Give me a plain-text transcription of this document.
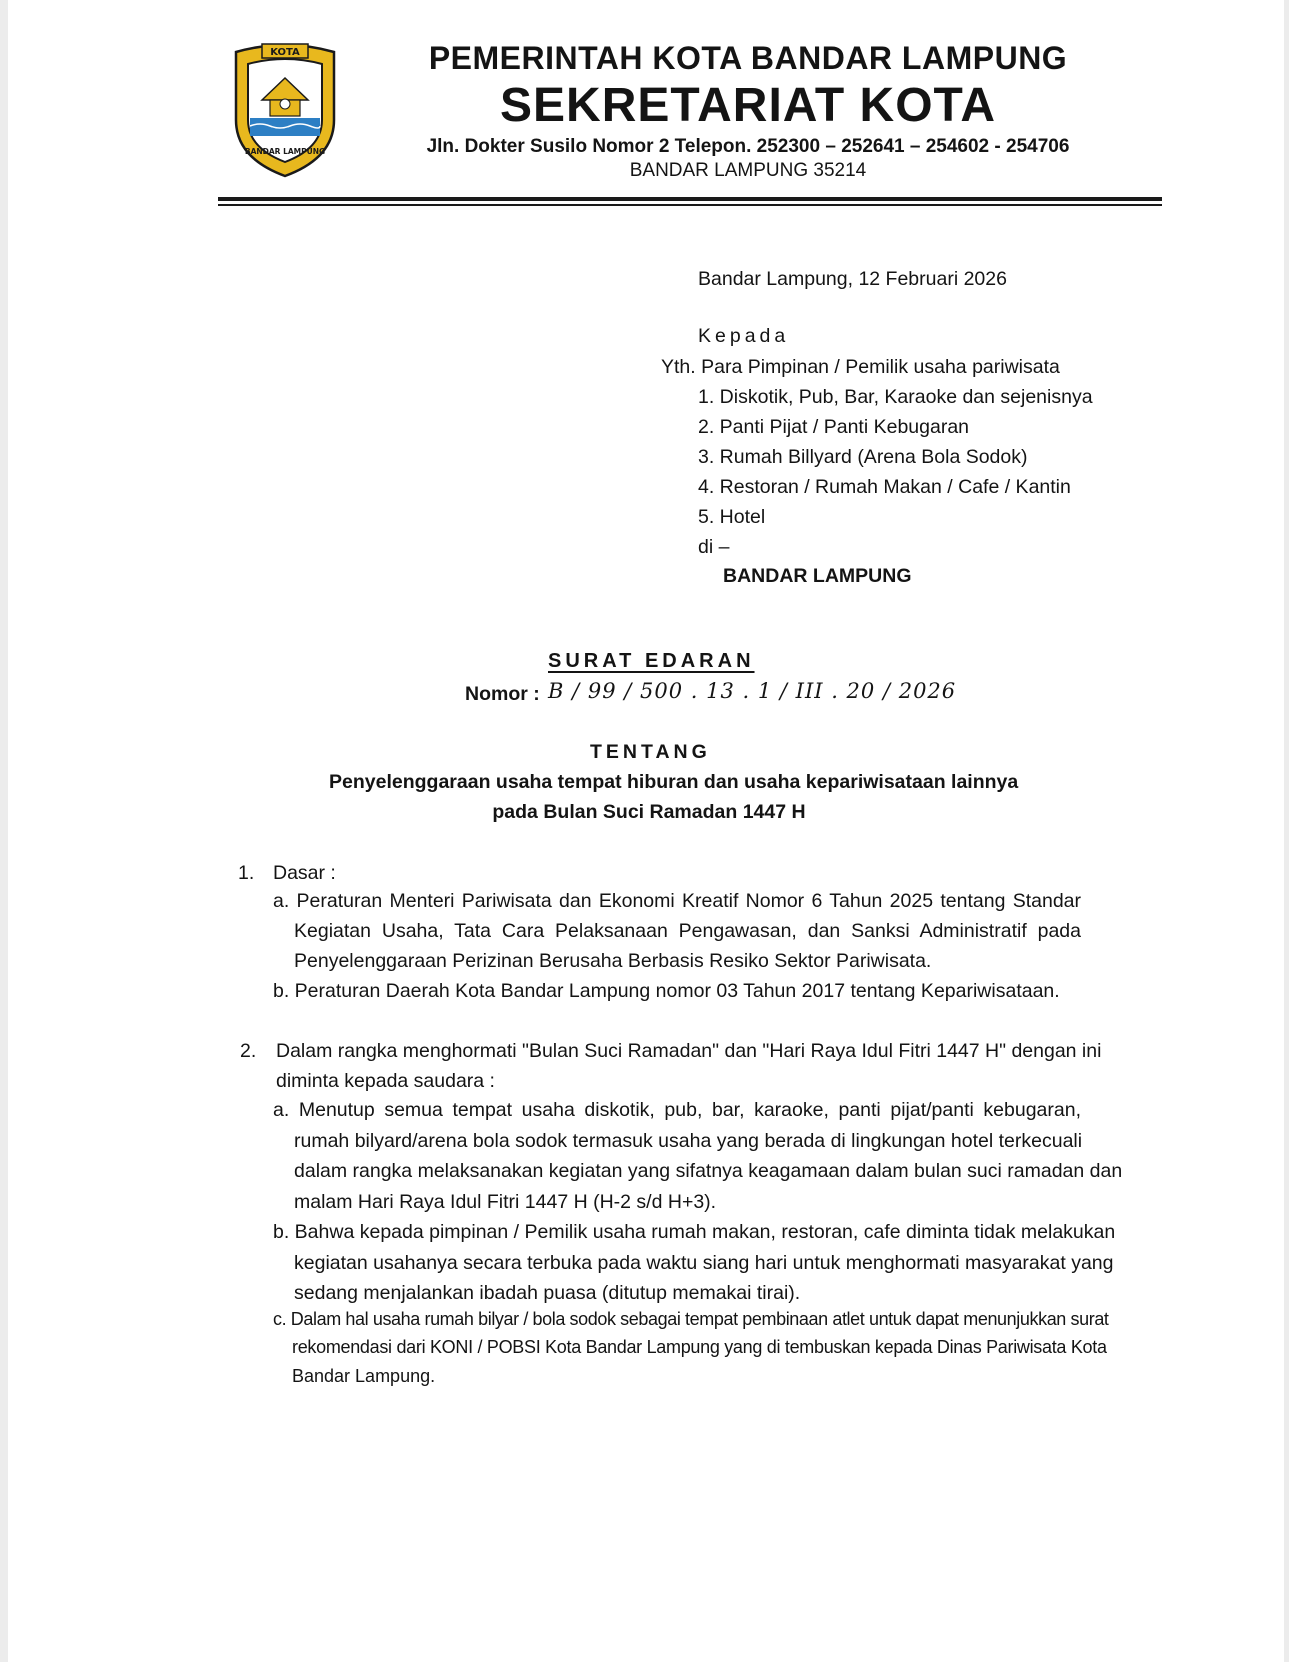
KOTA
BANDAR LAMPUNG
PEMERINTAH KOTA BANDAR LAMPUNG
SEKRETARIAT KOTA
Jln. Dokter Susilo Nomor 2 Telepon. 252300 – 252641 – 254602 - 254706
BANDAR LAMPUNG 35214
Bandar Lampung, 12 Februari 2026
Kepada
Yth. Para Pimpinan / Pemilik usaha pariwisata
1. Diskotik, Pub, Bar, Karaoke dan sejenisnya
2. Panti Pijat / Panti Kebugaran
3. Rumah Billyard (Arena Bola Sodok)
4. Restoran / Rumah Makan / Cafe / Kantin
5. Hotel
di –
BANDAR LAMPUNG
SURAT EDARAN
Nomor : B / 99 / 500 . 13 . 1 / III . 20 / 2026
TENTANG
Penyelenggaraan usaha tempat hiburan dan usaha kepariwisataan lainnya
pada Bulan Suci Ramadan 1447 H
1. Dasar :
a. Peraturan Menteri Pariwisata dan Ekonomi Kreatif Nomor 6 Tahun 2025 tentang Standar
Kegiatan Usaha, Tata Cara Pelaksanaan Pengawasan, dan Sanksi Administratif pada
Penyelenggaraan Perizinan Berusaha Berbasis Resiko Sektor Pariwisata.
b. Peraturan Daerah Kota Bandar Lampung nomor 03 Tahun 2017 tentang Kepariwisataan.
2. Dalam rangka menghormati "Bulan Suci Ramadan" dan "Hari Raya Idul Fitri 1447 H" dengan ini
diminta kepada saudara :
a. Menutup semua tempat usaha diskotik, pub, bar, karaoke, panti pijat/panti kebugaran,
rumah bilyard/arena bola sodok termasuk usaha yang berada di lingkungan hotel terkecuali
dalam rangka melaksanakan kegiatan yang sifatnya keagamaan dalam bulan suci ramadan dan
malam Hari Raya Idul Fitri 1447 H (H-2 s/d H+3).
b. Bahwa kepada pimpinan / Pemilik usaha rumah makan, restoran, cafe diminta tidak melakukan
kegiatan usahanya secara terbuka pada waktu siang hari untuk menghormati masyarakat yang
sedang menjalankan ibadah puasa (ditutup memakai tirai).
c. Dalam hal usaha rumah bilyar / bola sodok sebagai tempat pembinaan atlet untuk dapat menunjukkan surat
rekomendasi dari KONI / POBSI Kota Bandar Lampung yang di tembuskan kepada Dinas Pariwisata Kota
Bandar Lampung.
